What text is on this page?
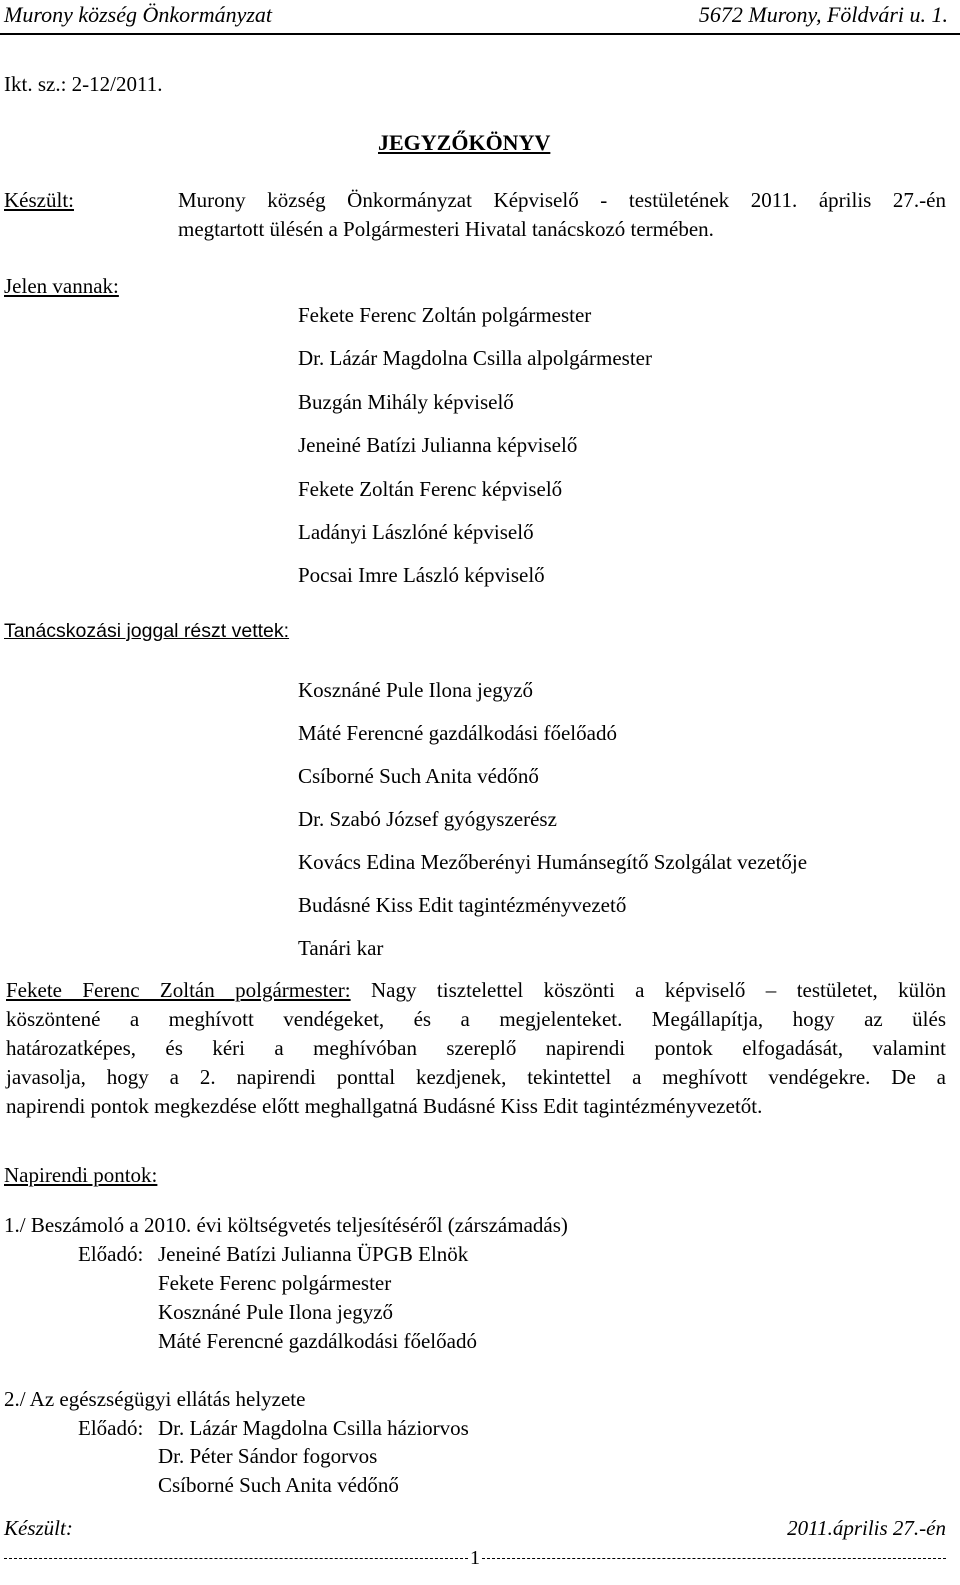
Murony község Önkormányzat	5672 Murony, Földvári u. 1.
Ikt. sz.: 2-12/2011.
JEGYZŐKÖNYV
Készült:	Murony község Önkormányzat Képviselő - testületének 2011. április 27.-én
megtartott ülésén a Polgármesteri Hivatal tanácskozó termében.
Jelen vannak:
Fekete Ferenc Zoltán polgármester
Dr. Lázár Magdolna Csilla alpolgármester
Buzgán Mihály képviselő
Jeneiné Batízi Julianna képviselő
Fekete Zoltán Ferenc képviselő
Ladányi Lászlóné képviselő
Pocsai Imre László képviselő
Tanácskozási joggal részt vettek:
Kosznáné Pule Ilona jegyző
Máté Ferencné gazdálkodási főelőadó
Csíborné Such Anita védőnő
Dr. Szabó József gyógyszerész
Kovács Edina Mezőberényi Humánsegítő Szolgálat vezetője
Budásné Kiss Edit tagintézményvezető
Tanári kar
Fekete Ferenc Zoltán polgármester: Nagy tisztelettel köszönti a képviselő – testületet, külön
köszöntené a meghívott vendégeket, és a megjelenteket. Megállapítja, hogy az ülés
határozatképes, és kéri a meghívóban szereplő napirendi pontok elfogadását, valamint
javasolja, hogy a 2. napirendi ponttal kezdjenek, tekintettel a meghívott vendégekre. De a
napirendi pontok megkezdése előtt meghallgatná Budásné Kiss Edit tagintézményvezetőt.
Napirendi pontok:
1./ Beszámoló a 2010. évi költségvetés teljesítéséről (zárszámadás)
Előadó: Jeneiné Batízi Julianna ÜPGB Elnök
Fekete Ferenc polgármester
Kosznáné Pule Ilona jegyző
Máté Ferencné gazdálkodási főelőadó
2./ Az egészségügyi ellátás helyzete
Előadó: Dr. Lázár Magdolna Csilla háziorvos
Dr. Péter Sándor fogorvos
Csíborné Such Anita védőnő
Készült:	2011.április 27.-én
1
